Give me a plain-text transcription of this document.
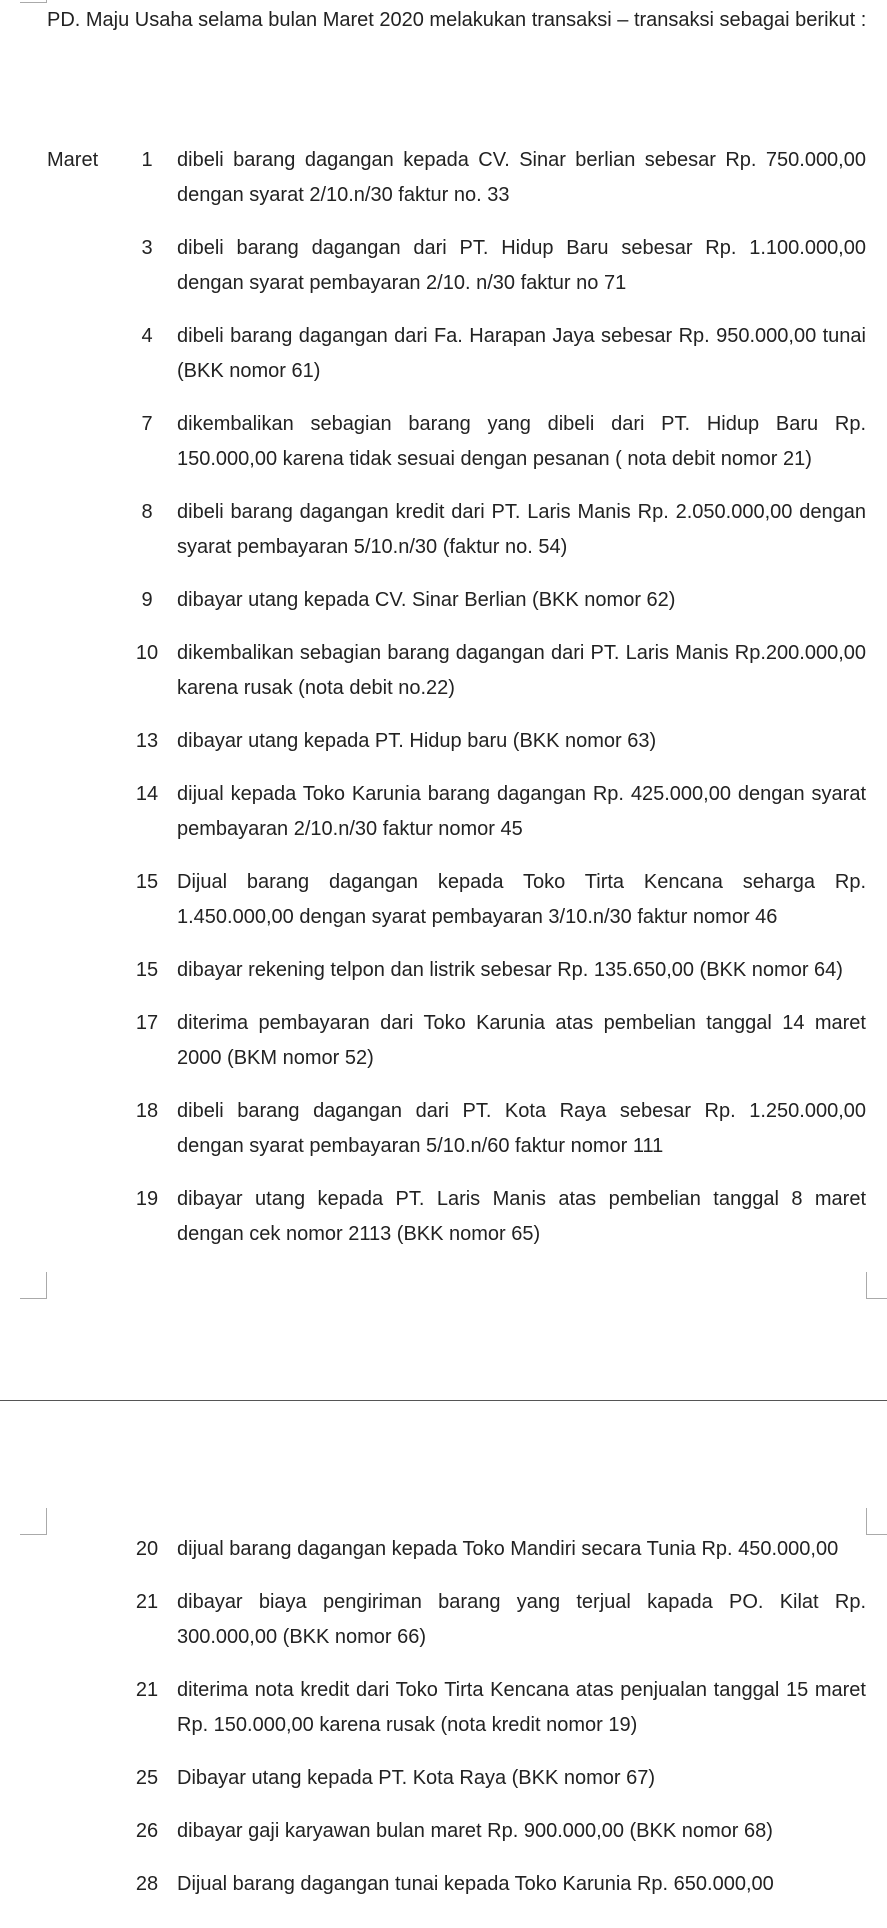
PD. Maju Usaha selama bulan Maret 2020 melakukan transaksi – transaksi sebagai berikut :
Maret	1	dibeli barang dagangan kepada CV. Sinar berlian sebesar Rp. 750.000,00 dengan syarat 2/10.n/30 faktur no. 33
3	dibeli barang dagangan dari PT. Hidup Baru sebesar Rp. 1.100.000,00 dengan syarat pembayaran 2/10. n/30 faktur no 71
4	dibeli barang dagangan dari Fa. Harapan Jaya sebesar Rp. 950.000,00 tunai (BKK nomor 61)
7	dikembalikan sebagian barang yang dibeli dari PT. Hidup Baru Rp. 150.000,00 karena tidak sesuai dengan pesanan ( nota debit nomor 21)
8	dibeli barang dagangan kredit dari PT. Laris Manis Rp. 2.050.000,00 dengan syarat pembayaran 5/10.n/30 (faktur no. 54)
9	dibayar utang kepada CV. Sinar Berlian (BKK nomor 62)
10 dikembalikan sebagian barang dagangan dari PT. Laris Manis Rp.200.000,00 karena rusak (nota debit no.22)
13 dibayar utang kepada PT. Hidup baru (BKK nomor 63)
14 dijual kepada Toko Karunia barang dagangan Rp. 425.000,00 dengan syarat pembayaran 2/10.n/30 faktur nomor 45
15 Dijual barang dagangan kepada Toko Tirta Kencana seharga Rp. 1.450.000,00 dengan syarat pembayaran 3/10.n/30 faktur nomor 46
15 dibayar rekening telpon dan listrik sebesar Rp. 135.650,00 (BKK nomor 64)
17 diterima pembayaran dari Toko Karunia atas pembelian tanggal 14 maret 2000 (BKM nomor 52)
18 dibeli barang dagangan dari PT. Kota Raya sebesar Rp. 1.250.000,00 dengan syarat pembayaran 5/10.n/60 faktur nomor 111
19 dibayar utang kepada PT. Laris Manis atas pembelian tanggal 8 maret dengan cek nomor 2113 (BKK nomor 65)
20 dijual barang dagangan kepada Toko Mandiri secara Tunia Rp. 450.000,00
21 dibayar biaya pengiriman barang yang terjual kapada PO. Kilat Rp. 300.000,00 (BKK nomor 66)
21 diterima nota kredit dari Toko Tirta Kencana atas penjualan tanggal 15 maret Rp. 150.000,00 karena rusak (nota kredit nomor 19)
25 Dibayar utang kepada PT. Kota Raya (BKK nomor 67)
26 dibayar gaji karyawan bulan maret Rp. 900.000,00 (BKK nomor 68)
28 Dijual barang dagangan tunai kepada Toko Karunia Rp. 650.000,00
